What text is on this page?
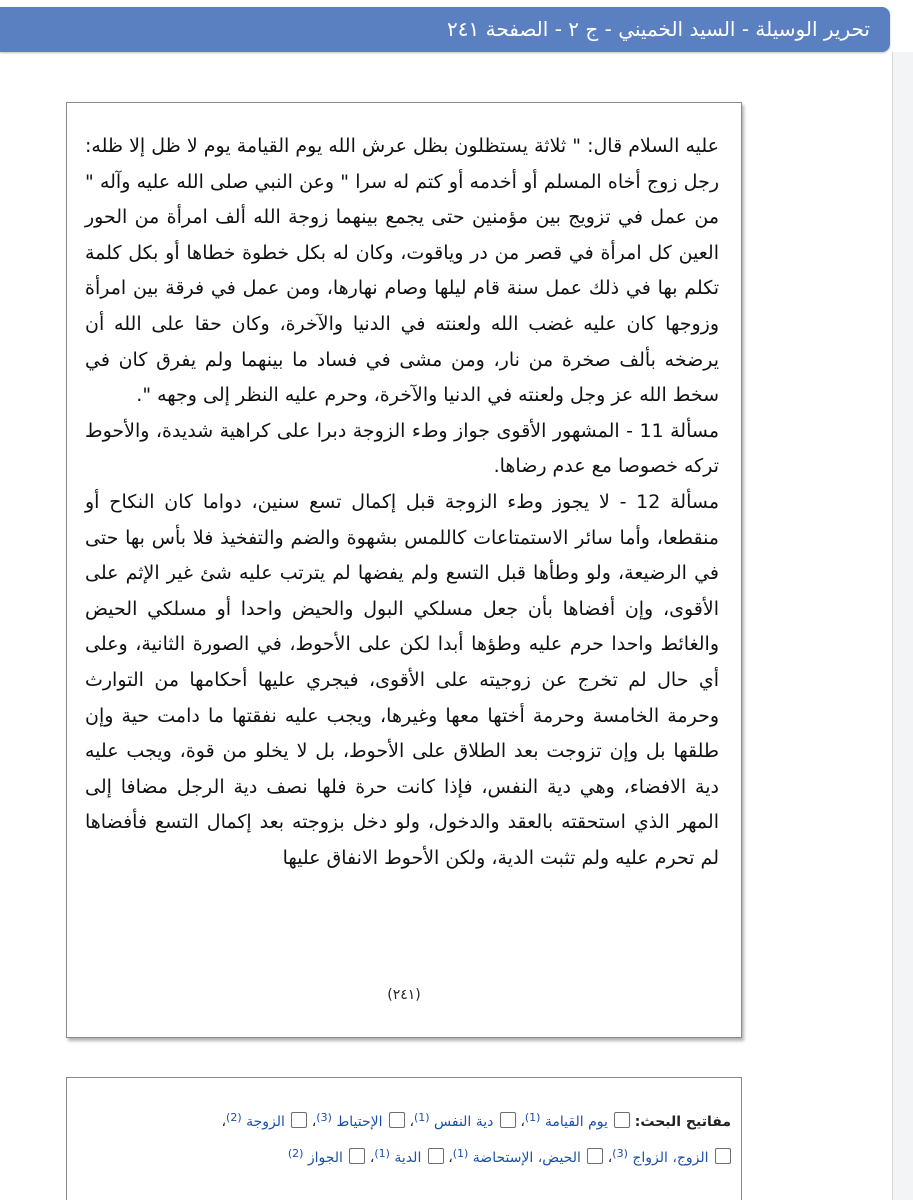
تحرير الوسيلة - السيد الخميني - ج ٢ - الصفحة ٢٤١

عليه السلام قال: " ثلاثة يستظلون بظل عرش الله يوم القيامة يوم لا ظل إلا ظله: رجل زوج أخاه المسلم أو أخدمه أو كتم له سرا " وعن النبي صلى الله عليه وآله " من عمل في تزويج بين مؤمنين حتى يجمع بينهما زوجة الله ألف امرأة من الحور العين كل امرأة في قصر من در وياقوت، وكان له بكل خطوة خطاها أو بكل كلمة تكلم بها في ذلك عمل سنة قام ليلها وصام نهارها، ومن عمل في فرقة بين امرأة وزوجها كان عليه غضب الله ولعنته في الدنيا والآخرة، وكان حقا على الله أن يرضخه بألف صخرة من نار، ومن مشى في فساد ما بينهما ولم يفرق كان في سخط الله عز وجل ولعنته في الدنيا والآخرة، وحرم عليه النظر إلى وجهه ".

مسألة 11 - المشهور الأقوى جواز وطء الزوجة دبرا على كراهية شديدة، والأحوط تركه خصوصا مع عدم رضاها.

مسألة 12 - لا يجوز وطء الزوجة قبل إكمال تسع سنين، دواما كان النكاح أو منقطعا، وأما سائر الاستمتاعات كاللمس بشهوة والضم والتفخيذ فلا بأس بها حتى في الرضيعة، ولو وطأها قبل التسع ولم يفضها لم يترتب عليه شئ غير الإثم على الأقوى، وإن أفضاها بأن جعل مسلكي البول والحيض واحدا أو مسلكي الحيض والغائط واحدا حرم عليه وطؤها أبدا لكن على الأحوط، في الصورة الثانية، وعلى أي حال لم تخرج عن زوجيته على الأقوى، فيجري عليها أحكامها من التوارث وحرمة الخامسة وحرمة أختها معها وغيرها، ويجب عليه نفقتها ما دامت حية وإن طلقها بل وإن تزوجت بعد الطلاق على الأحوط، بل لا يخلو من قوة، ويجب عليه دية الافضاء، وهي دية النفس، فإذا كانت حرة فلها نصف دية الرجل مضافا إلى المهر الذي استحقته بالعقد والدخول، ولو دخل بزوجته بعد إكمال التسع فأفضاها لم تحرم عليه ولم تثبت الدية، ولكن الأحوط الانفاق عليها

(٢٤١)
مفاتيح البحث:  يوم القيامة $^{(1)}$،  دية النفس $^{(1)}$،  الإحتياط $^{(3)}$،  الزوجة $^{(2)}$،
الزوج، الزواج $^{(3)}$،  الحيض، الإستحاضة $^{(1)}$،  الدية $^{(1)}$،  الجواز $^{(2)}$
